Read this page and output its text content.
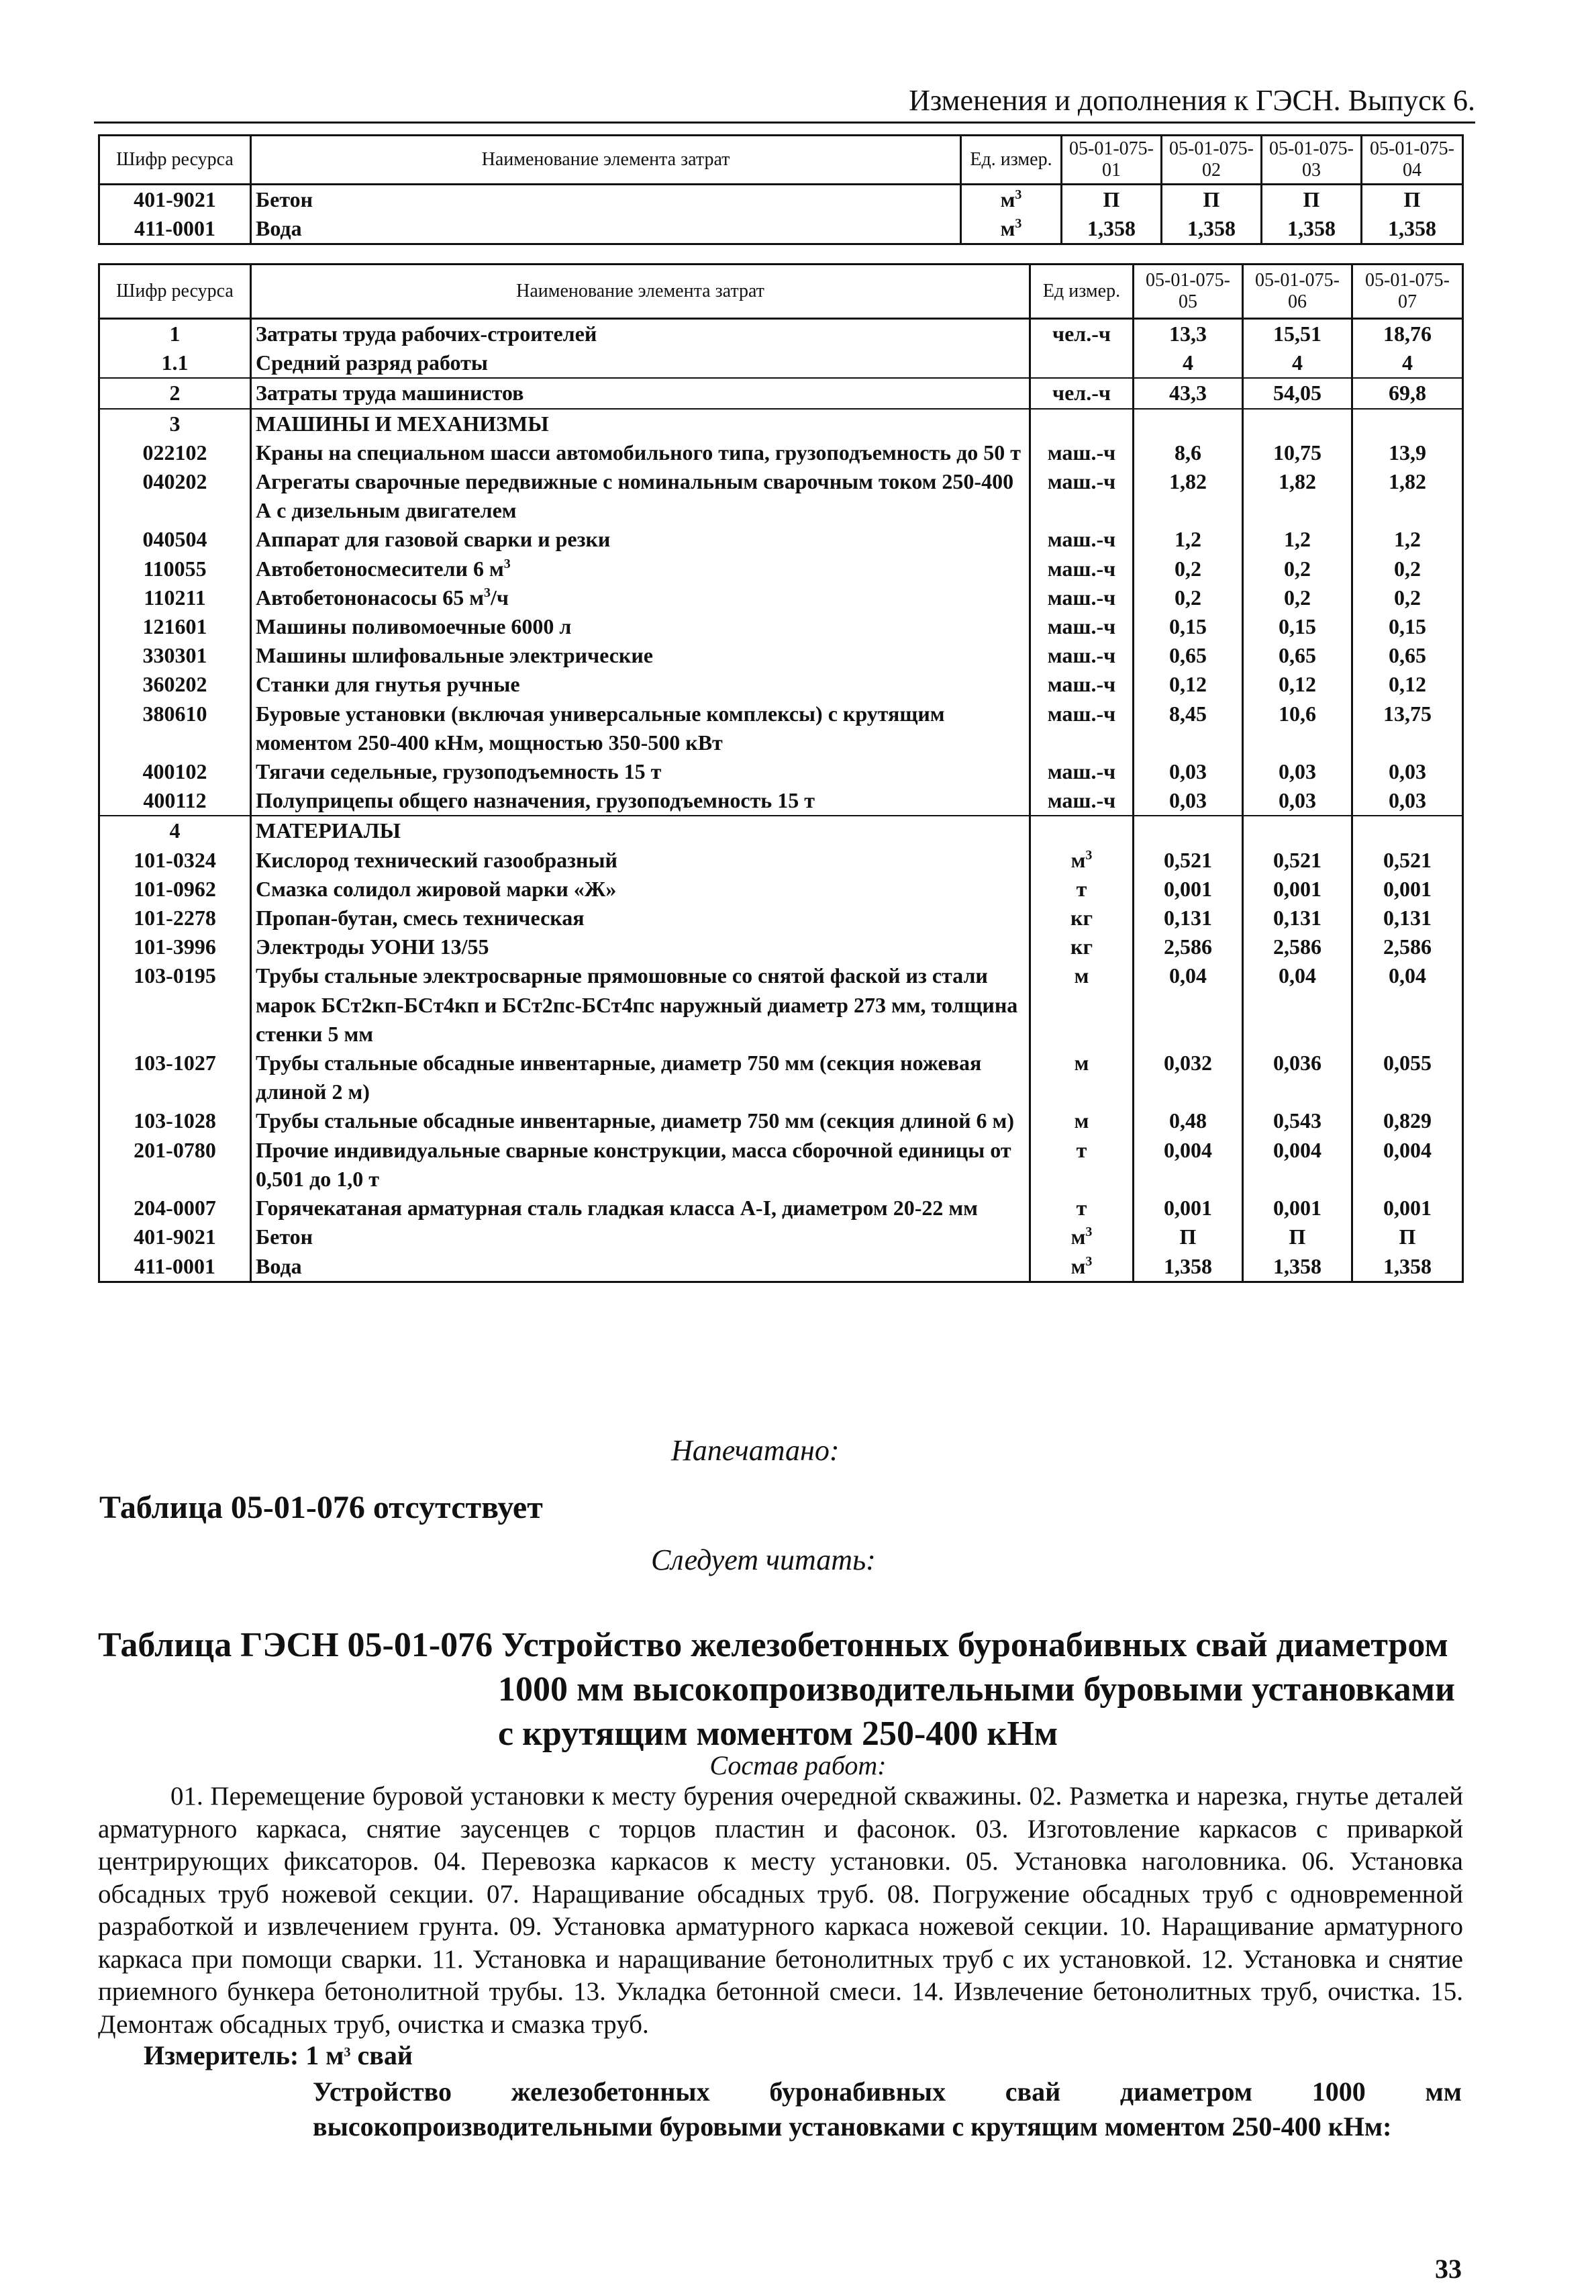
Изменения и дополнения к ГЭСН. Выпуск 6.
Шифр ресурса	Наименование элемента затрат	Ед. измер.	05-01-075-01	05-01-075-02	05-01-075-03	05-01-075-04
401-9021	Бетон	$м^3$	П	П	П	П
411-0001	Вода	$м^3$	1,358	1,358	1,358	1,358
Шифр ресурса	Наименование элемента затрат	Ед измер.	05-01-075-05	05-01-075-06	05-01-075-07
1	Затраты труда рабочих-строителей	чел.-ч	13,3	15,51	18,76
1.1	Средний разряд работы		4	4	4
2	Затраты труда машинистов	чел.-ч	43,3	54,05	69,8
3	МАШИНЫ И МЕХАНИЗМЫ				
022102	Краны на специальном шасси автомобильного типа, грузоподъемность до 50 т	маш.-ч	8,6	10,75	13,9
040202	Агрегаты сварочные передвижные с номинальным сварочным током 250-400 А с дизельным двигателем	маш.-ч	1,82	1,82	1,82
040504	Аппарат для газовой сварки и резки	маш.-ч	1,2	1,2	1,2
110055	Автобетоносмесители 6 $м^3$	маш.-ч	0,2	0,2	0,2
110211	Автобетононасосы 65 $м^3/ч$	маш.-ч	0,2	0,2	0,2
121601	Машины поливомоечные 6000 л	маш.-ч	0,15	0,15	0,15
330301	Машины шлифовальные электрические	маш.-ч	0,65	0,65	0,65
360202	Станки для гнутья ручные	маш.-ч	0,12	0,12	0,12
380610	Буровые установки (включая универсальные комплексы) с крутящим моментом 250-400 кНм, мощностью 350-500 кВт	маш.-ч	8,45	10,6	13,75
400102	Тягачи седельные, грузоподъемность 15 т	маш.-ч	0,03	0,03	0,03
400112	Полуприцепы общего назначения, грузоподъемность 15 т	маш.-ч	0,03	0,03	0,03
4	МАТЕРИАЛЫ				
101-0324	Кислород технический газообразный	$м^3$	0,521	0,521	0,521
101-0962	Смазка солидол жировой марки «Ж»	т	0,001	0,001	0,001
101-2278	Пропан-бутан, смесь техническая	кг	0,131	0,131	0,131
101-3996	Электроды УОНИ 13/55	кг	2,586	2,586	2,586
103-0195	Трубы стальные электросварные прямошовные со снятой фаской из стали марок БСт2кп-БСт4кп и БСт2пс-БСт4пс наружный диаметр 273 мм, толщина стенки 5 мм	м	0,04	0,04	0,04
103-1027	Трубы стальные обсадные инвентарные, диаметр 750 мм (секция ножевая длиной 2 м)	м	0,032	0,036	0,055
103-1028	Трубы стальные обсадные инвентарные, диаметр 750 мм (секция длиной 6 м)	м	0,48	0,543	0,829
201-0780	Прочие индивидуальные сварные конструкции, масса сборочной единицы от 0,501 до 1,0 т	т	0,004	0,004	0,004
204-0007	Горячекатаная арматурная сталь гладкая класса А-I, диаметром 20-22 мм	т	0,001	0,001	0,001
401-9021	Бетон	$м^3$	П	П	П
411-0001	Вода	$м^3$	1,358	1,358	1,358
Напечатано:
Таблица 05-01-076 отсутствует
Следует читать:
Таблица ГЭСН 05-01-076 Устройство железобетонных буронабивных свай диаметром
1000 мм высокопроизводительными буровыми установками с крутящим моментом 250-400 кНм
Состав работ:
01. Перемещение буровой установки к месту бурения очередной скважины. 02. Разметка и нарезка, гнутье деталей арматурного каркаса, снятие заусенцев с торцов пластин и фасонок. 03. Изготовление каркасов с приваркой центрирующих фиксаторов. 04. Перевозка каркасов к месту установки. 05. Установка наголовника. 06. Установка обсадных труб ножевой секции. 07. Наращивание обсадных труб. 08. Погружение обсадных труб с одновременной разработкой и извлечением грунта. 09. Установка арматурного каркаса ножевой секции. 10. Наращивание арматурного каркаса при помощи сварки. 11. Установка и наращивание бетонолитных труб с их установкой. 12. Установка и снятие приемного бункера бетонолитной трубы. 13. Укладка бетонной смеси. 14. Извлечение бетонолитных труб, очистка. 15. Демонтаж обсадных труб, очистка и смазка труб.
Измеритель: 1 $м^3$ свай
Устройство железобетонных буронабивных свай диаметром 1000 мм высокопроизводительными буровыми установками с крутящим моментом 250-400 кНм:
33
